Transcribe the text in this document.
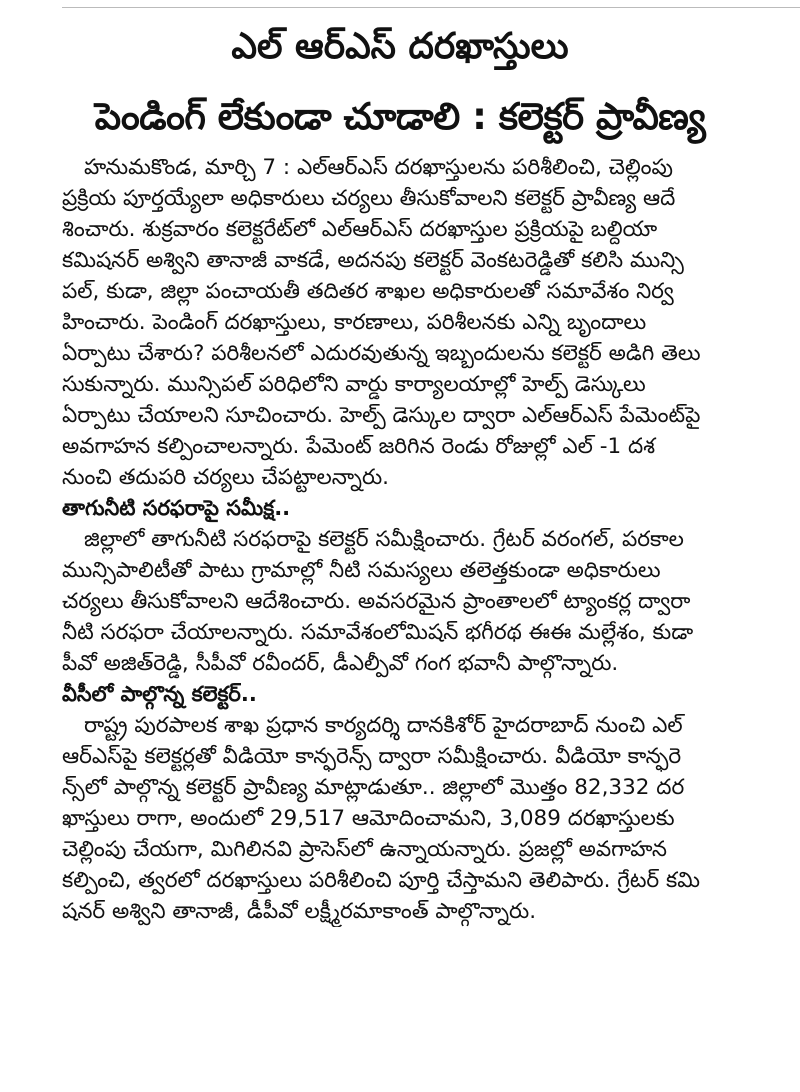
ఎల్ ఆర్ఎస్ దరఖాస్తులు
పెండింగ్ లేకుండా చూడాలి : కలెక్టర్ ప్రావీణ్య
హనుమకొండ, మార్చి 7 : ఎల్ఆర్ఎస్ దరఖాస్తులను పరిశీలించి, చెల్లింపు
ప్రక్రియ పూర్తయ్యేలా అధికారులు చర్యలు తీసుకోవాలని కలెక్టర్ ప్రావీణ్య ఆదే
శించారు. శుక్రవారం కలెక్టరేట్‌లో ఎల్ఆర్ఎస్ దరఖాస్తుల ప్రక్రియపై బల్దియా
కమిషనర్ అశ్విని తానాజీ వాకడే, అదనపు కలెక్టర్ వెంకటరెడ్డితో కలిసి మున్సి
పల్, కుడా, జిల్లా పంచాయతీ తదితర శాఖల అధికారులతో సమావేశం నిర్వ
హించారు. పెండింగ్ దరఖాస్తులు, కారణాలు, పరిశీలనకు ఎన్ని బృందాలు
ఏర్పాటు చేశారు? పరిశీలనలో ఎదురవుతున్న ఇబ్బందులను కలెక్టర్ అడిగి తెలు
సుకున్నారు. మున్సిపల్ పరిధిలోని వార్డు కార్యాలయాల్లో హెల్ప్ డెస్కులు
ఏర్పాటు చేయాలని సూచించారు. హెల్ప్ డెస్కుల ద్వారా ఎల్ఆర్ఎస్ పేమెంట్‌పై
అవగాహన కల్పించాలన్నారు. పేమెంట్ జరిగిన రెండు రోజుల్లో ఎల్ -1 దశ
నుంచి తదుపరి చర్యలు చేపట్టాలన్నారు.
తాగునీటి సరఫరాపై సమీక్ష..
జిల్లాలో తాగునీటి సరఫరాపై కలెక్టర్ సమీక్షించారు. గ్రేటర్ వరంగల్, పరకాల
మున్సిపాలిటీతో పాటు గ్రామాల్లో నీటి సమస్యలు తలెత్తకుండా అధికారులు
చర్యలు తీసుకోవాలని ఆదేశించారు. అవసరమైన ప్రాంతాలలో ట్యాంకర్ల ద్వారా
నీటి సరఫరా చేయాలన్నారు. సమావేశంలోమిషన్ భగీరథ ఈఈ మల్లేశం, కుడా
పీవో అజిత్‌రెడ్డి, సీపీవో రవీందర్, డీఎల్పీవో గంగ భవానీ పాల్గొన్నారు.
వీసీలో పాల్గొన్న కలెక్టర్..
రాష్ట్ర పురపాలక శాఖ ప్రధాన కార్యదర్శి దానకిశోర్ హైదరాబాద్ నుంచి ఎల్
ఆర్ఎస్‌పై కలెక్టర్లతో వీడియో కాన్ఫరెన్స్ ద్వారా సమీక్షించారు. వీడియో కాన్ఫరె
న్స్‌లో పాల్గొన్న కలెక్టర్ ప్రావీణ్య మాట్లాడుతూ.. జిల్లాలో మొత్తం 82,332 దర
ఖాస్తులు రాగా, అందులో 29,517 ఆమోదించామని, 3,089 దరఖాస్తులకు
చెల్లింపు చేయగా, మిగిలినవి ప్రాసెస్‌లో ఉన్నాయన్నారు. ప్రజల్లో అవగాహన
కల్పించి, త్వరలో దరఖాస్తులు పరిశీలించి పూర్తి చేస్తామని తెలిపారు. గ్రేటర్ కమి
షనర్ అశ్విని తానాజీ, డీపీవో లక్ష్మీరమాకాంత్ పాల్గొన్నారు.
